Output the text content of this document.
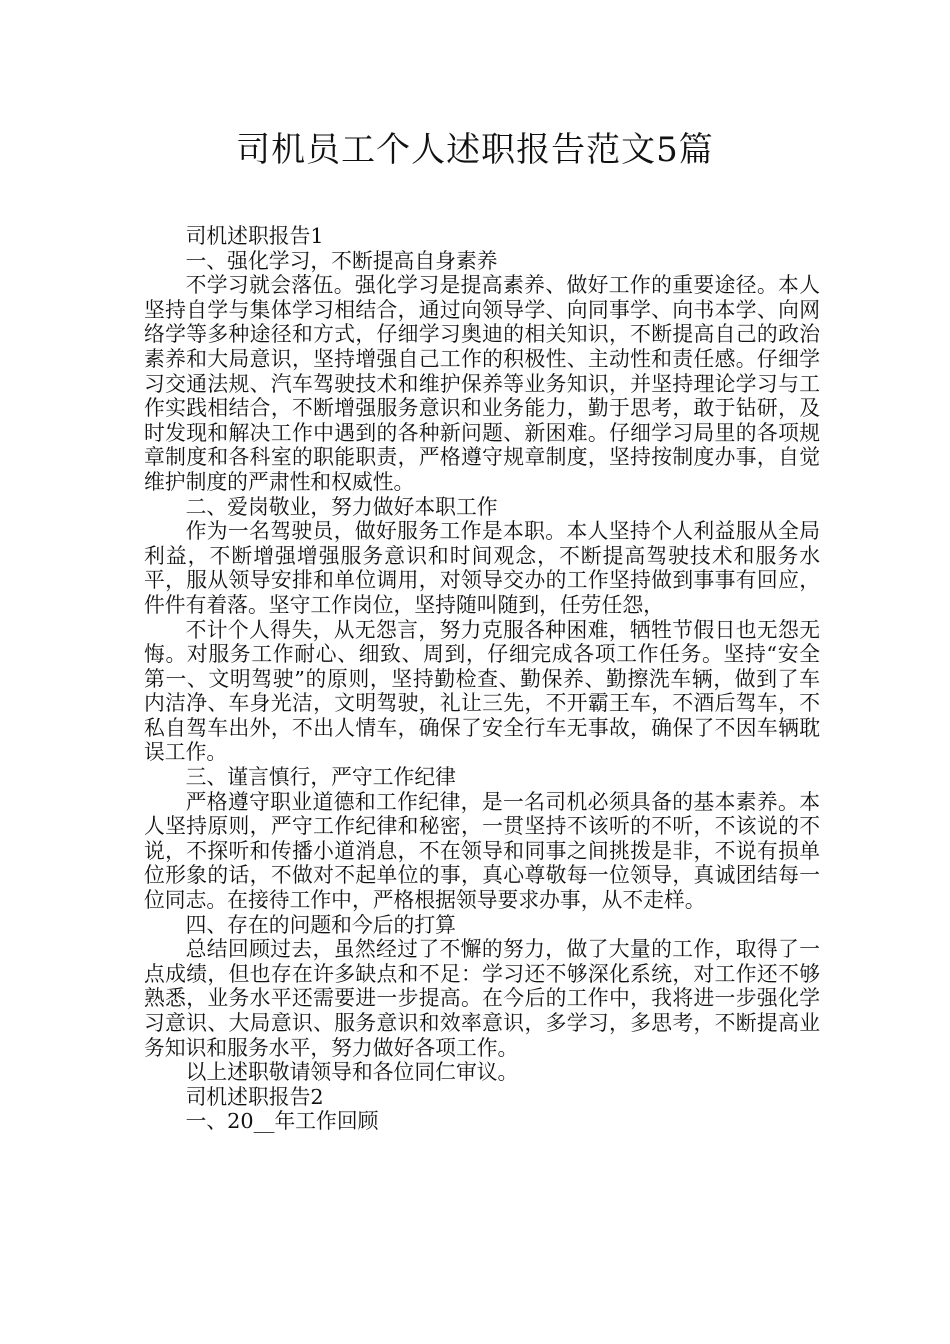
司机员工个人述职报告范文5篇

司机述职报告1

一、强化学习，不断提高自身素养

不学习就会落伍。强化学习是提高素养、做好工作的重要途径。本人坚持自学与集体学习相结合，通过向领导学、向同事学、向书本学、向网络学等多种途径和方式，仔细学习奥迪的相关知识，不断提高自己的政治素养和大局意识，坚持增强自己工作的积极性、主动性和责任感。仔细学习交通法规、汽车驾驶技术和维护保养等业务知识，并坚持理论学习与工作实践相结合，不断增强服务意识和业务能力，勤于思考，敢于钻研，及时发现和解决工作中遇到的各种新问题、新困难。仔细学习局里的各项规章制度和各科室的职能职责，严格遵守规章制度，坚持按制度办事，自觉维护制度的严肃性和权威性。

二、爱岗敬业，努力做好本职工作

作为一名驾驶员，做好服务工作是本职。本人坚持个人利益服从全局利益，不断增强增强服务意识和时间观念，不断提高驾驶技术和服务水平，服从领导安排和单位调用，对领导交办的工作坚持做到事事有回应，件件有着落。坚守工作岗位，坚持随叫随到，任劳任怨，

不计个人得失，从无怨言，努力克服各种困难，牺牲节假日也无怨无悔。对服务工作耐心、细致、周到，仔细完成各项工作任务。坚持“安全第一、文明驾驶”的原则，坚持勤检查、勤保养、勤擦洗车辆，做到了车内洁净、车身光洁，文明驾驶，礼让三先，不开霸王车，不酒后驾车，不私自驾车出外，不出人情车，确保了安全行车无事故，确保了不因车辆耽误工作。

三、谨言慎行，严守工作纪律

严格遵守职业道德和工作纪律，是一名司机必须具备的基本素养。本人坚持原则，严守工作纪律和秘密，一贯坚持不该听的不听，不该说的不说，不探听和传播小道消息，不在领导和同事之间挑拨是非，不说有损单位形象的话，不做对不起单位的事，真心尊敬每一位领导，真诚团结每一位同志。在接待工作中，严格根据领导要求办事，从不走样。

四、存在的问题和今后的打算

总结回顾过去，虽然经过了不懈的努力，做了大量的工作，取得了一点成绩，但也存在许多缺点和不足：学习还不够深化系统，对工作还不够熟悉，业务水平还需要进一步提高。在今后的工作中，我将进一步强化学习意识、大局意识、服务意识和效率意识，多学习，多思考，不断提高业务知识和服务水平，努力做好各项工作。

以上述职敬请领导和各位同仁审议。

司机述职报告2

一、20__年工作回顾
